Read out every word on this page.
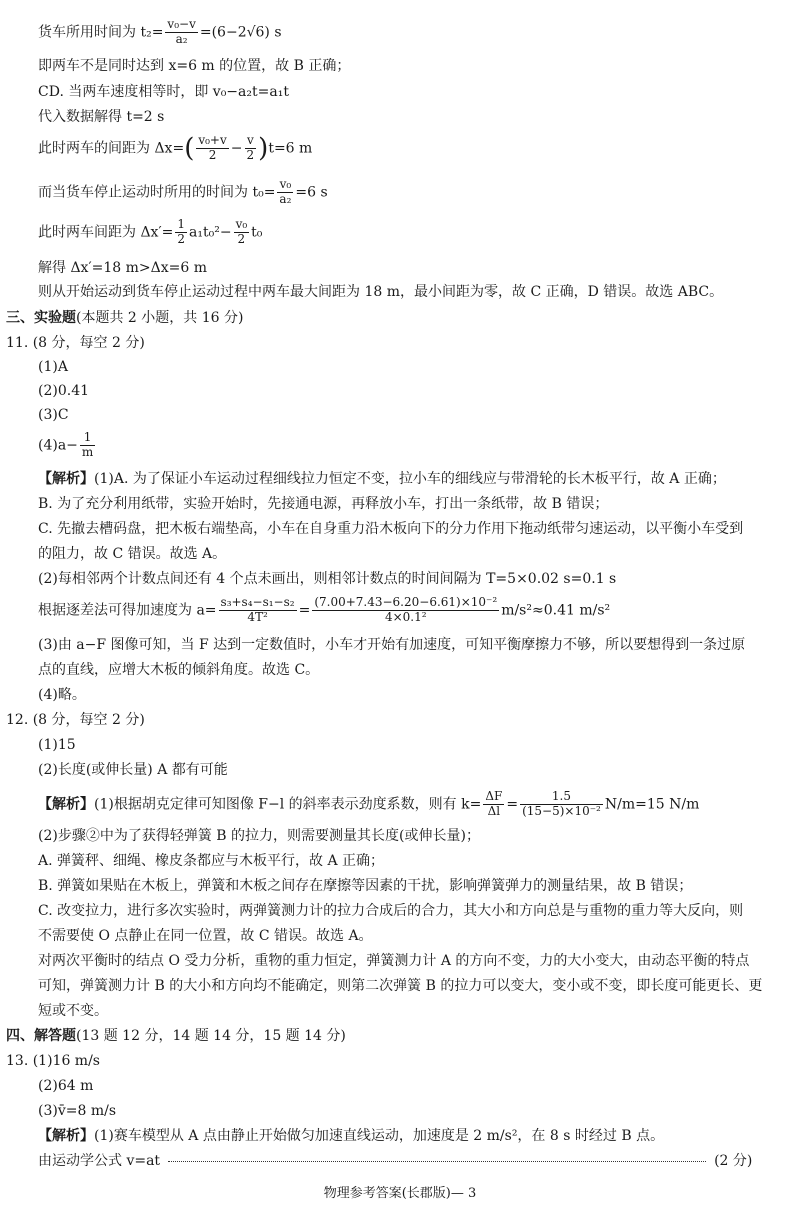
货车所用时间为 $t_2= \frac{\text{v₀−v}}{\text{a₂}} =(6-2√6)$ s
即两车不是同时达到 x=6 m 的位置，故 B 正确；
CD. 当两车速度相等时，即 v₀−a₂t=a₁t
代入数据解得 t=2 s
此时两车的间距为 $\Delta x=( \frac{\text{v₀+v}}{2} - \frac{v}{2} )t=6$ m
而当货车停止运动时所用的时间为 $t_0= \frac{\text{v₀}}{\text{a₂}} =6$ s
此时两车间距为 $\Delta x'= \frac{1}{2} a_1t_0^2- \frac{\text{v₀}}{2} t_0$
解得 Δx′=18 m>Δx=6 m
则从开始运动到货车停止运动过程中两车最大间距为 18 m，最小间距为零，故 C 正确，D 错误。故选 ABC。
三、实验题(本题共 2 小题，共 16 分)
11. (8 分，每空 2 分)
(1)A
(2)0.41
(3)C
$(4)a- \frac{1}{m}$
【解析】(1)A. 为了保证小车运动过程细线拉力恒定不变，拉小车的细线应与带滑轮的长木板平行，故 A 正确；
B. 为了充分利用纸带，实验开始时，先接通电源，再释放小车，打出一条纸带，故 B 错误；
C. 先撤去槽码盘，把木板右端垫高，小车在自身重力沿木板向下的分力作用下拖动纸带匀速运动，以平衡小车受到
的阻力，故 C 错误。故选 A。
(2)每相邻两个计数点间还有 4 个点未画出，则相邻计数点的时间间隔为 T=5×0.02 s=0.1 s
根据逐差法可得加速度为 $a= \frac{\text{s₃+s₄−s₁−s₂}}{\text{4T²}} = \frac{\text{(7.00+7.43−6.20−6.61)×10⁻²}}{\text{4×0.1²}} m/s^2\approx 0.41$ m/s²
(3)由 a−F 图像可知，当 F 达到一定数值时，小车才开始有加速度，可知平衡摩擦力不够，所以要想得到一条过原
点的直线，应增大木板的倾斜角度。故选 C。
(4)略。
12. (8 分，每空 2 分)
(1)15
(2)长度(或伸长量) A 都有可能
【解析】(1)根据胡克定律可知图像 F−l 的斜率表示劲度系数，则有 $k= \frac{\Delta F}{\Delta l} = \frac{1.5}{\text{(15−5)×10⁻²}} N/m=15$ N/m
(2)步骤②中为了获得轻弹簧 B 的拉力，则需要测量其长度(或伸长量)；
A. 弹簧秤、细绳、橡皮条都应与木板平行，故 A 正确；
B. 弹簧如果贴在木板上，弹簧和木板之间存在摩擦等因素的干扰，影响弹簧弹力的测量结果，故 B 错误；
C. 改变拉力，进行多次实验时，两弹簧测力计的拉力合成后的合力，其大小和方向总是与重物的重力等大反向，则
不需要使 O 点静止在同一位置，故 C 错误。故选 A。
对两次平衡时的结点 O 受力分析，重物的重力恒定，弹簧测力计 A 的方向不变，力的大小变大，由动态平衡的特点
可知，弹簧测力计 B 的大小和方向均不能确定，则第二次弹簧 B 的拉力可以变大，变小或不变，即长度可能更长、更
短或不变。
四、解答题(13 题 12 分，14 题 14 分，15 题 14 分)
13. (1)16 m/s
(2)64 m
(3)v̄=8 m/s
【解析】(1)赛车模型从 A 点由静止开始做匀加速直线运动，加速度是 2 m/s²，在 8 s 时经过 B 点。
由运动学公式 v=at	(2 分)
物理参考答案(长郡版)— 3
